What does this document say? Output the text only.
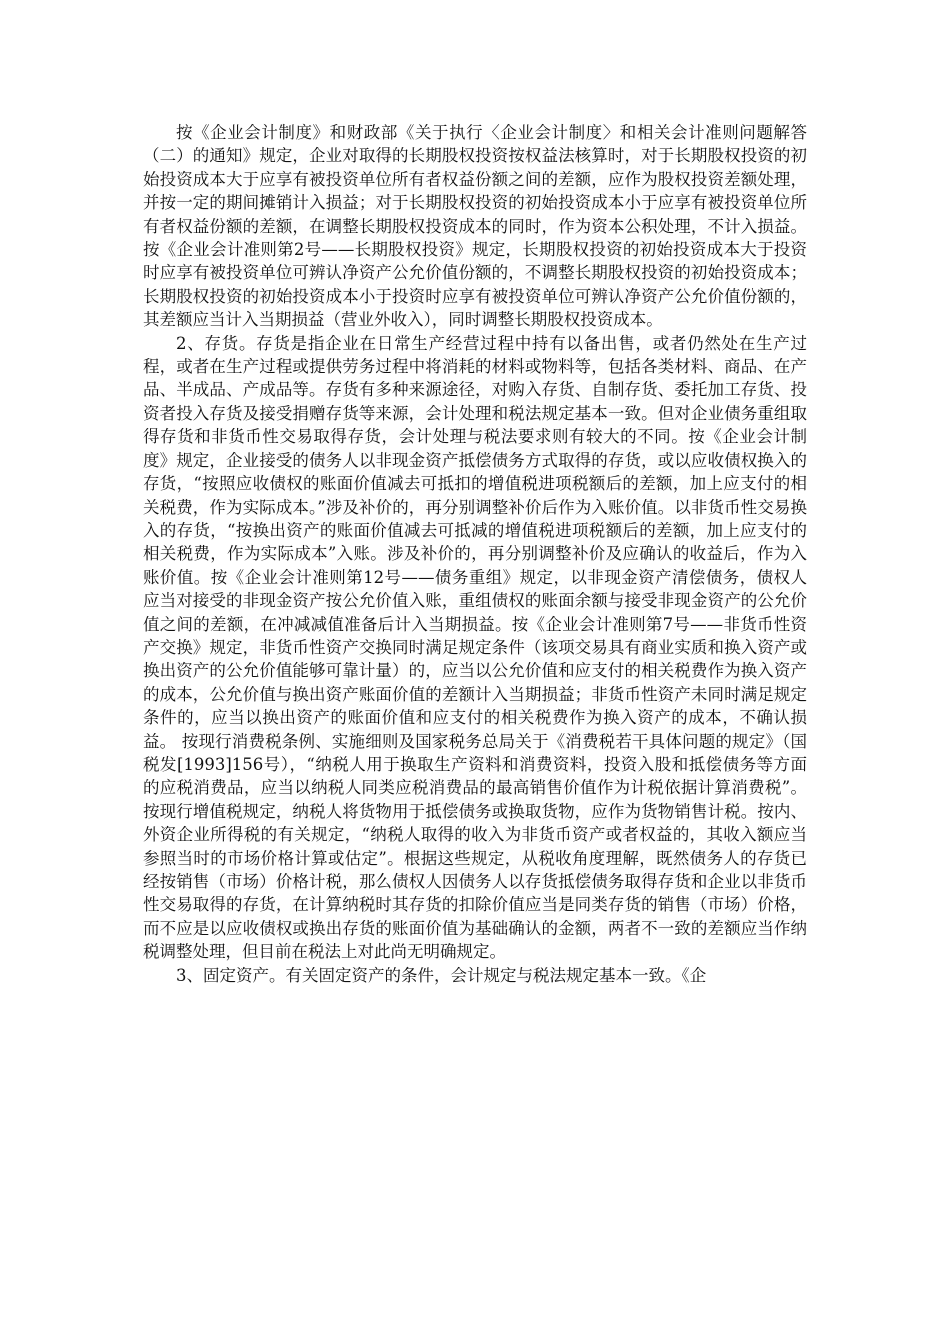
按《企业会计制度》和财政部《关于执行〈企业会计制度〉和相关会计准则问题解答（二）的通知》规定，企业对取得的长期股权投资按权益法核算时，对于长期股权投资的初始投资成本大于应享有被投资单位所有者权益份额之间的差额，应作为股权投资差额处理，并按一定的期间摊销计入损益；对于长期股权投资的初始投资成本小于应享有被投资单位所有者权益份额的差额，在调整长期股权投资成本的同时，作为资本公积处理，不计入损益。按《企业会计准则第2号——长期股权投资》规定，长期股权投资的初始投资成本大于投资时应享有被投资单位可辨认净资产公允价值份额的，不调整长期股权投资的初始投资成本；长期股权投资的初始投资成本小于投资时应享有被投资单位可辨认净资产公允价值份额的，其差额应当计入当期损益（营业外收入），同时调整长期股权投资成本。

2、存货。存货是指企业在日常生产经营过程中持有以备出售，或者仍然处在生产过程，或者在生产过程或提供劳务过程中将消耗的材料或物料等，包括各类材料、商品、在产品、半成品、产成品等。存货有多种来源途径，对购入存货、自制存货、委托加工存货、投资者投入存货及接受捐赠存货等来源，会计处理和税法规定基本一致。但对企业债务重组取得存货和非货币性交易取得存货，会计处理与税法要求则有较大的不同。按《企业会计制度》规定，企业接受的债务人以非现金资产抵偿债务方式取得的存货，或以应收债权换入的存货，“按照应收债权的账面价值减去可抵扣的增值税进项税额后的差额，加上应支付的相关税费，作为实际成本。”涉及补价的，再分别调整补价后作为入账价值。以非货币性交易换入的存货，“按换出资产的账面价值减去可抵减的增值税进项税额后的差额，加上应支付的相关税费，作为实际成本”入账。涉及补价的，再分别调整补价及应确认的收益后，作为入账价值。按《企业会计准则第12号——债务重组》规定，以非现金资产清偿债务，债权人应当对接受的非现金资产按公允价值入账，重组债权的账面余额与接受非现金资产的公允价值之间的差额，在冲减减值准备后计入当期损益。按《企业会计准则第7号——非货币性资产交换》规定，非货币性资产交换同时满足规定条件（该项交易具有商业实质和换入资产或换出资产的公允价值能够可靠计量）的，应当以公允价值和应支付的相关税费作为换入资产的成本，公允价值与换出资产账面价值的差额计入当期损益；非货币性资产未同时满足规定条件的，应当以换出资产的账面价值和应支付的相关税费作为换入资产的成本，不确认损益。 按现行消费税条例、实施细则及国家税务总局关于《消费税若干具体问题的规定》（国税发[1993]156号），“纳税人用于换取生产资料和消费资料，投资入股和抵偿债务等方面的应税消费品，应当以纳税人同类应税消费品的最高销售价值作为计税依据计算消费税”。按现行增值税规定，纳税人将货物用于抵偿债务或换取货物，应作为货物销售计税。按内、外资企业所得税的有关规定，“纳税人取得的收入为非货币资产或者权益的，其收入额应当参照当时的市场价格计算或估定”。根据这些规定，从税收角度理解，既然债务人的存货已经按销售（市场）价格计税，那么债权人因债务人以存货抵偿债务取得存货和企业以非货币性交易取得的存货，在计算纳税时其存货的扣除价值应当是同类存货的销售（市场）价格，而不应是以应收债权或换出存货的账面价值为基础确认的金额，两者不一致的差额应当作纳税调整处理，但目前在税法上对此尚无明确规定。

3、固定资产。有关固定资产的条件，会计规定与税法规定基本一致。《企
